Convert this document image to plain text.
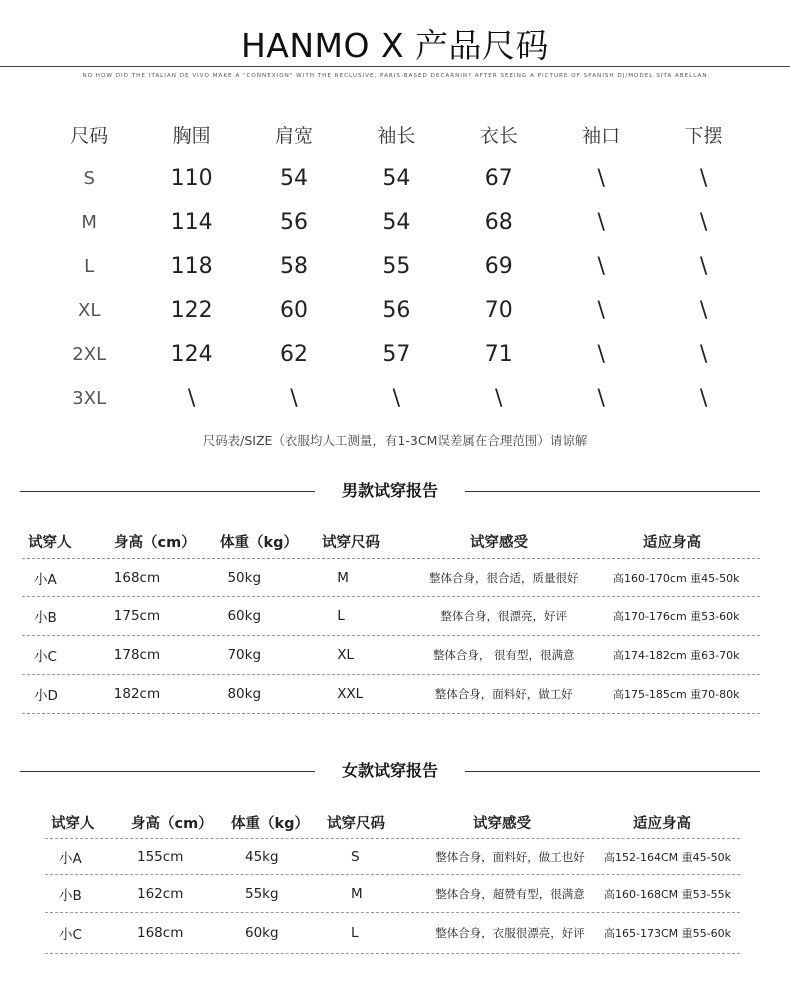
HANMO X 产品尺码
NO HOW DID THE ITALIAN DE VIVO MAKE A "CONNEXION" WITH THE RECLUSIVE, PARIS-BASED DECARNIN? AFTER SEEING A PICTURE OF SPANISH DJ/MODEL SITA ABELLAN
尺码	胸围	肩宽	袖长	衣长	袖口	下摆
S	110	54	54	67	\	\
M	114	56	54	68	\	\
L	118	58	55	69	\	\
XL	122	60	56	70	\	\
2XL	124	62	57	71	\	\
3XL	\	\	\	\	\	\
尺码表/SIZE（衣服均人工测量，有1-3CM误差属在合理范围）请谅解
男款试穿报告
试穿人	身高（cm）	体重（kg）	试穿尺码	试穿感受	适应身高
小A	168cm	50kg	M	整体合身，很合适，质量很好	高160-170cm 重45-50k
小B	175cm	60kg	L	整体合身，很漂亮，好评	高170-176cm 重53-60k
小C	178cm	70kg	XL	整体合身， 很有型，很满意	高174-182cm 重63-70k
小D	182cm	80kg	XXL	整体合身，面料好，做工好	高175-185cm 重70-80k
女款试穿报告
试穿人	身高（cm）	体重（kg）	试穿尺码	试穿感受	适应身高
小A	155cm	45kg	S	整体合身，面料好，做工也好	高152-164CM 重45-50k
小B	162cm	55kg	M	整体合身，超赞有型，很满意	高160-168CM 重53-55k
小C	168cm	60kg	L	整体合身，衣服很漂亮，好评	高165-173CM 重55-60k
